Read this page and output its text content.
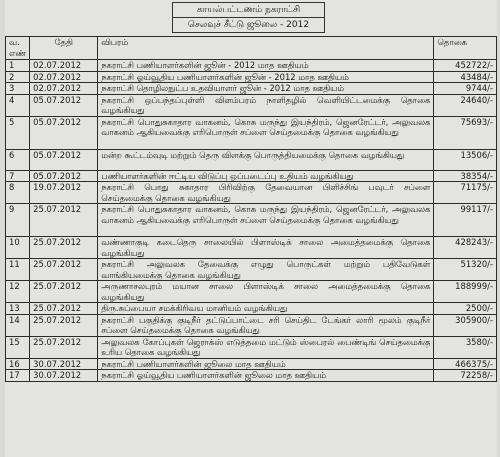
காயல்பட்டணம் நகராட்சி
செலவுச் சீட்டு ஜூலை - 2012
வ. எண்	தேதி	விபரம்	தொகை
1	02.07.2012	நகராட்சி பணியாளர்களின் ஜூன் - 2012 மாத ஊதியம்	452722/-
2	02.07.2012	நகராட்சி ஓய்வூதிய பணியாளர்களின் ஜூன் - 2012 மாத ஊதியம்	43484/-
3	02.07.2012	நகராட்சி தொழிலநுட்ப உதவியாளர் ஜூன் - 2012 மாத ஊதியம்	9744/-
4	05.07.2012	நகராட்சி ஒப்பந்தப்புள்ளி விளம்பரம் நாளிதழில் வெளியிட்டமைக்கு தொகை வழங்கியது	24640/-
5	05.07.2012	நகராட்சி பொதுசுகாதார வாகனம், கொசு மருந்து இயந்திரம், ஜெனரேட்டர், அலுவலக வாகனம் ஆகியவைக்கு எரிபொருள் சப்ளை செய்தமைக்கு தொகை வழங்கியது	75693/-
6	05.07.2012	மன்ற கூட்டம்வுடி மற்றும் தெரு விளக்கு பொருத்தியமைக்கு தொகை வழங்கியது	13506/-
7	05.07.2012	பணியாளர்களின் ஈட்டிய விடுப்பு ஒப்படைப்பு உதியம் வழங்கியது	38354/-
8	19.07.2012	நகராட்சி பொது சுகாதார பிரிவிற்கு தேவையான பிளிச்சிங் பவுடர் சப்ளை செய்தமைக்கு தொகை வழங்கியது	71175/-
9	25.07.2012	நகராட்சி பொதுசுகாதார வாகனம், கொசு மருந்து இயந்திரம், ஜெனரேட்டர், அலுவலக வாகனம் ஆகியவைக்கு எரிபொருள் சப்ளை செய்தமைக்கு தொகை வழங்கியது	99117/-
10	25.07.2012	வண்ணாகுடி கடைதெரு சாலையில் பிளாஸ்டிக் சாலை அமைத்தமைக்கு தொகை வழங்கியது	428243/-
11	25.07.2012	நகராட்சி அலுவலக தேவைக்கு எழுது பொருட்கள் மற்றும் பதிவேடுகள் வாங்கியமைக்கு தொகை வழங்கியது	51320/-
12	25.07.2012	அருணாசலபுரம் மயான சாலை பிளாஸ்டிக் சாலை அமைத்தமைக்கு தொகை வழங்கியது	188999/-
13	25.07.2012	திரு.சுப்பையா சமக்கிரிவய மானியம் வழங்கியது	2500/-
14	25.07.2012	நகராட்சி பகுதிக்கு குடிநீர் தட்டுப்பாட்டை சரி செய்திட டேங்கர் லாரி மூலம் குடிநீர் சப்ளை செய்தமைக்கு தொகை வழங்கியது	305900/-
15	25.07.2012	அலுவலக கோப்புகள் ஜெராக்ஸ் எடுத்தமை மட்டும் ஸ்பைரல் பைண்டிங் செய்தமைக்கு உரிய தொகை வழங்கியது	3580/-
16	30.07.2012	நகராட்சி பணியாளர்களின் ஜூலை மாத ஊதியம்	466375/-
17	30.07.2012	நகராட்சி ஓய்வூதிய பணியாளர்களின் ஜூலை மாத ஊதியம்	72258/-
